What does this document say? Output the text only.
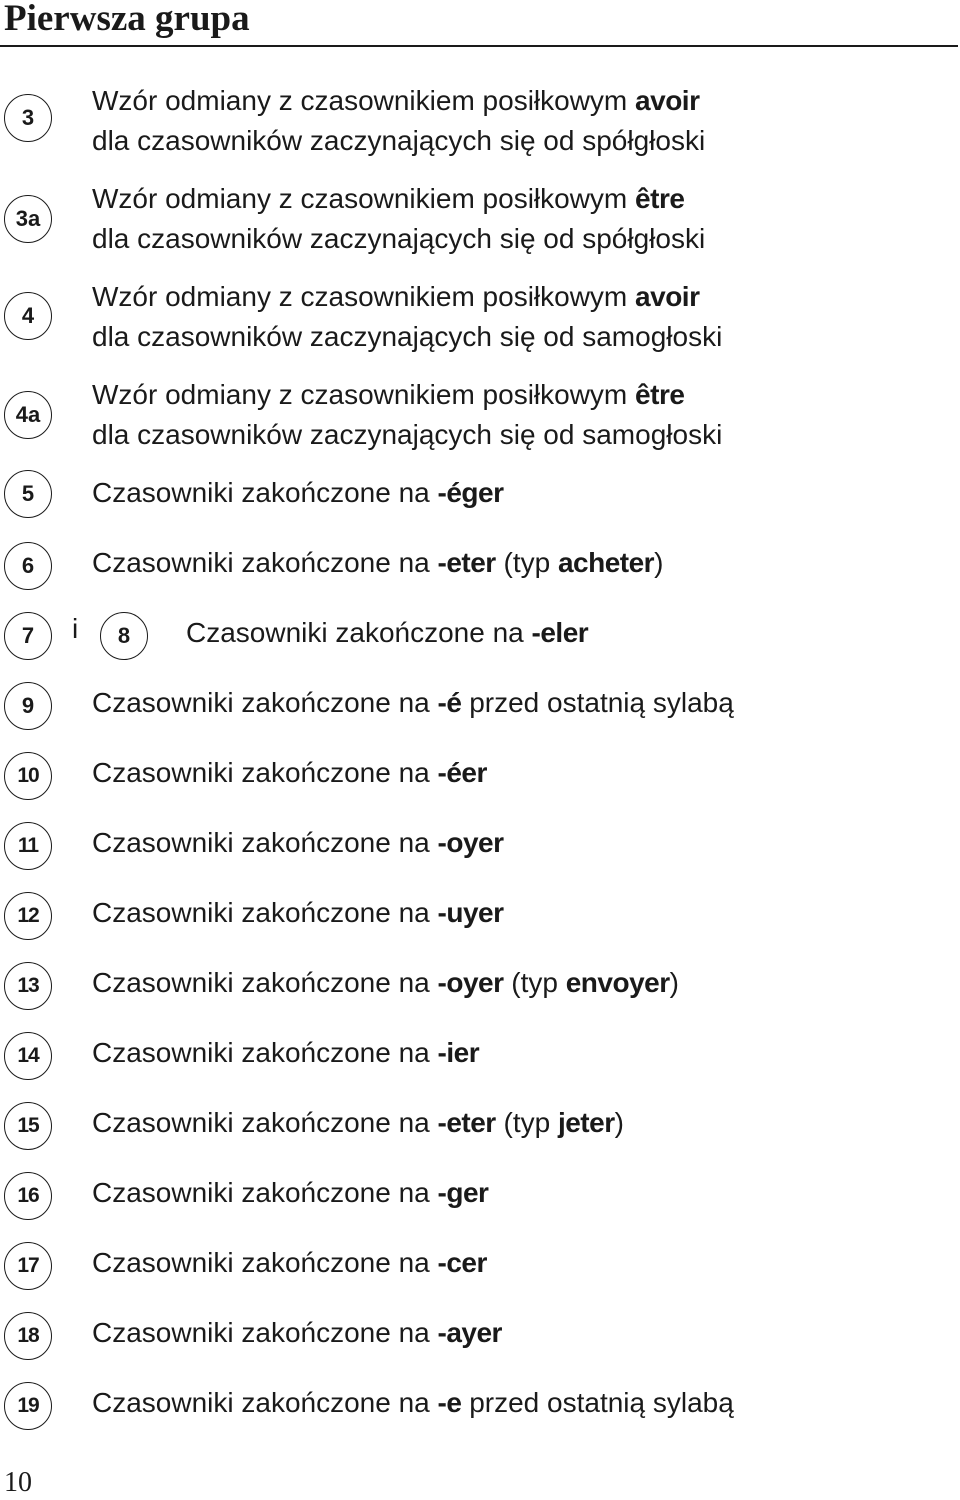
Pierwsza grupa
3
Wzór odmiany z czasownikiem posiłkowym avoir
dla czasowników zaczynających się od spółgłoski
3a
Wzór odmiany z czasownikiem posiłkowym être
dla czasowników zaczynających się od spółgłoski
4
Wzór odmiany z czasownikiem posiłkowym avoir
dla czasowników zaczynających się od samogłoski
4a
Wzór odmiany z czasownikiem posiłkowym être
dla czasowników zaczynających się od samogłoski
5	Czasowniki zakończone na -éger
6	Czasowniki zakończone na -eter (typ acheter)
7	i	8	Czasowniki zakończone na -eler
9	Czasowniki zakończone na -é przed ostatnią sylabą
10	Czasowniki zakończone na -éer
11	Czasowniki zakończone na -oyer
12	Czasowniki zakończone na -uyer
13	Czasowniki zakończone na -oyer (typ envoyer)
14	Czasowniki zakończone na -ier
15	Czasowniki zakończone na -eter (typ jeter)
16	Czasowniki zakończone na -ger
17	Czasowniki zakończone na -cer
18	Czasowniki zakończone na -ayer
19	Czasowniki zakończone na -e przed ostatnią sylabą
10
